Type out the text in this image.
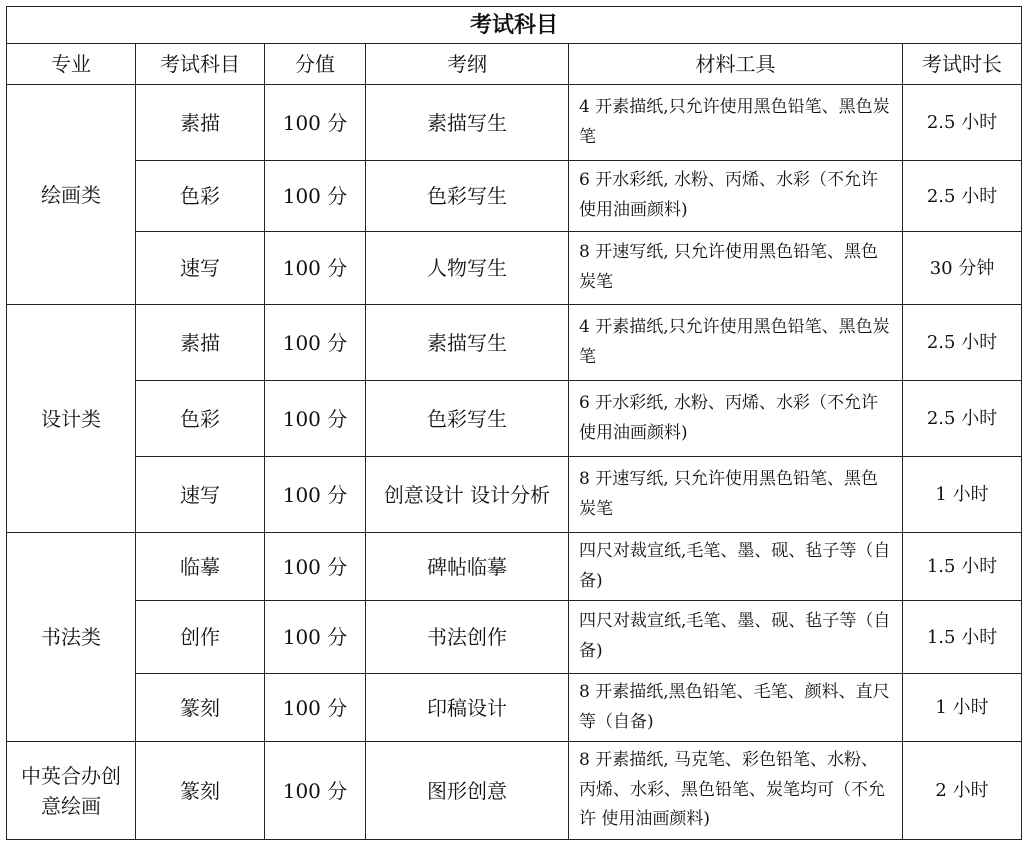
考试科目					
专业	考试科目	分值	考纲	材料工具	考试时长
绘画类	素描	100 分	素描写生	4 开素描纸,只允许使用黑色铅笔、黑色炭笔	2.5 小时
	色彩	100 分	色彩写生	6 开水彩纸, 水粉、丙烯、水彩（不允许使用油画颜料)	2.5 小时
	速写	100 分	人物写生	8 开速写纸, 只允许使用黑色铅笔、黑色炭笔	30 分钟
设计类	素描	100 分	素描写生	4 开素描纸,只允许使用黑色铅笔、黑色炭笔	2.5 小时
	色彩	100 分	色彩写生	6 开水彩纸, 水粉、丙烯、水彩（不允许使用油画颜料)	2.5 小时
	速写	100 分	创意设计 设计分析	8 开速写纸, 只允许使用黑色铅笔、黑色炭笔	1 小时
书法类	临摹	100 分	碑帖临摹	四尺对裁宣纸,毛笔、墨、砚、毡子等（自备)	1.5 小时
	创作	100 分	书法创作	四尺对裁宣纸,毛笔、墨、砚、毡子等（自备)	1.5 小时
	篆刻	100 分	印稿设计	8 开素描纸,黑色铅笔、毛笔、颜料、直尺等（自备)	1 小时
中英合办创意绘画	篆刻	100 分	图形创意	8 开素描纸, 马克笔、彩色铅笔、水粉、丙烯、水彩、黑色铅笔、炭笔均可（不允许 使用油画颜料)	2 小时
